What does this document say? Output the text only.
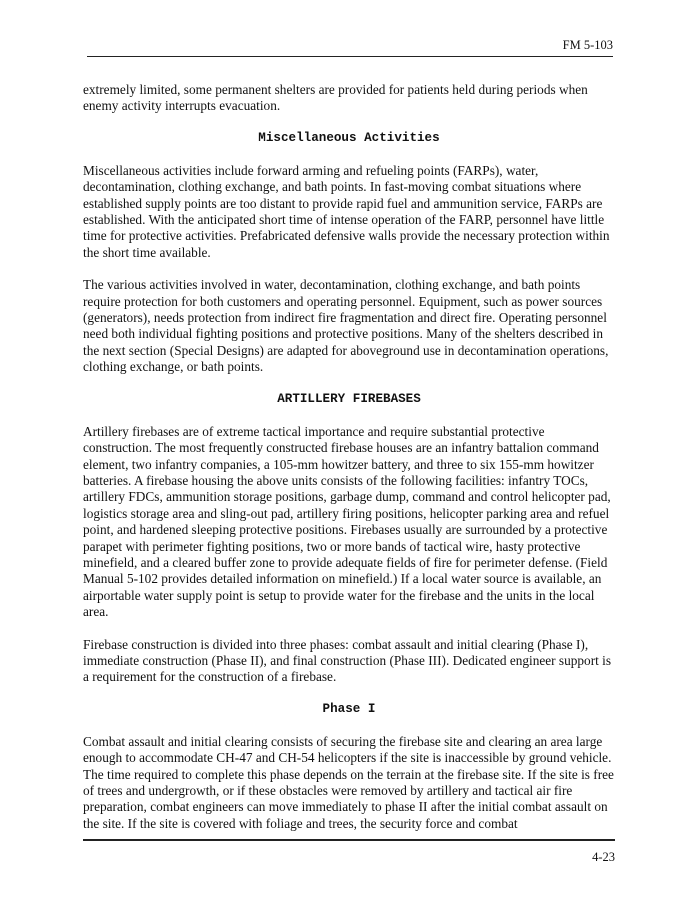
FM 5-103

extremely limited, some permanent shelters are provided for patients held during periods when enemy activity interrupts evacuation.

Miscellaneous Activities

Miscellaneous activities include forward arming and refueling points (FARPs), water, decontamination, clothing exchange, and bath points. In fast-moving combat situations where established supply points are too distant to provide rapid fuel and ammunition service, FARPs are established. With the anticipated short time of intense operation of the FARP, personnel have little time for protective activities. Prefabricated defensive walls provide the necessary protection within the short time available.

The various activities involved in water, decontamination, clothing exchange, and bath points require protection for both customers and operating personnel. Equipment, such as power sources (generators), needs protection from indirect fire fragmentation and direct fire. Operating personnel need both individual fighting positions and protective positions. Many of the shelters described in the next section (Special Designs) are adapted for aboveground use in decontamination operations, clothing exchange, or bath points.

ARTILLERY FIREBASES

Artillery firebases are of extreme tactical importance and require substantial protective construction. The most frequently constructed firebase houses are an infantry battalion command element, two infantry companies, a 105-mm howitzer battery, and three to six 155-mm howitzer batteries. A firebase housing the above units consists of the following facilities: infantry TOCs, artillery FDCs, ammunition storage positions, garbage dump, command and control helicopter pad, logistics storage area and sling-out pad, artillery firing positions, helicopter parking area and refuel point, and hardened sleeping protective positions. Firebases usually are surrounded by a protective parapet with perimeter fighting positions, two or more bands of tactical wire, hasty protective minefield, and a cleared buffer zone to provide adequate fields of fire for perimeter defense. (Field Manual 5-102 provides detailed information on minefield.) If a local water source is available, an airportable water supply point is setup to provide water for the firebase and the units in the local area.

Firebase construction is divided into three phases: combat assault and initial clearing (Phase I), immediate construction (Phase II), and final construction (Phase III). Dedicated engineer support is a requirement for the construction of a firebase.

Phase I

Combat assault and initial clearing consists of securing the firebase site and clearing an area large enough to accommodate CH-47 and CH-54 helicopters if the site is inaccessible by ground vehicle. The time required to complete this phase depends on the terrain at the firebase site. If the site is free of trees and undergrowth, or if these obstacles were removed by artillery and tactical air fire preparation, combat engineers can move immediately to phase II after the initial combat assault on the site. If the site is covered with foliage and trees, the security force and combat

4-23
